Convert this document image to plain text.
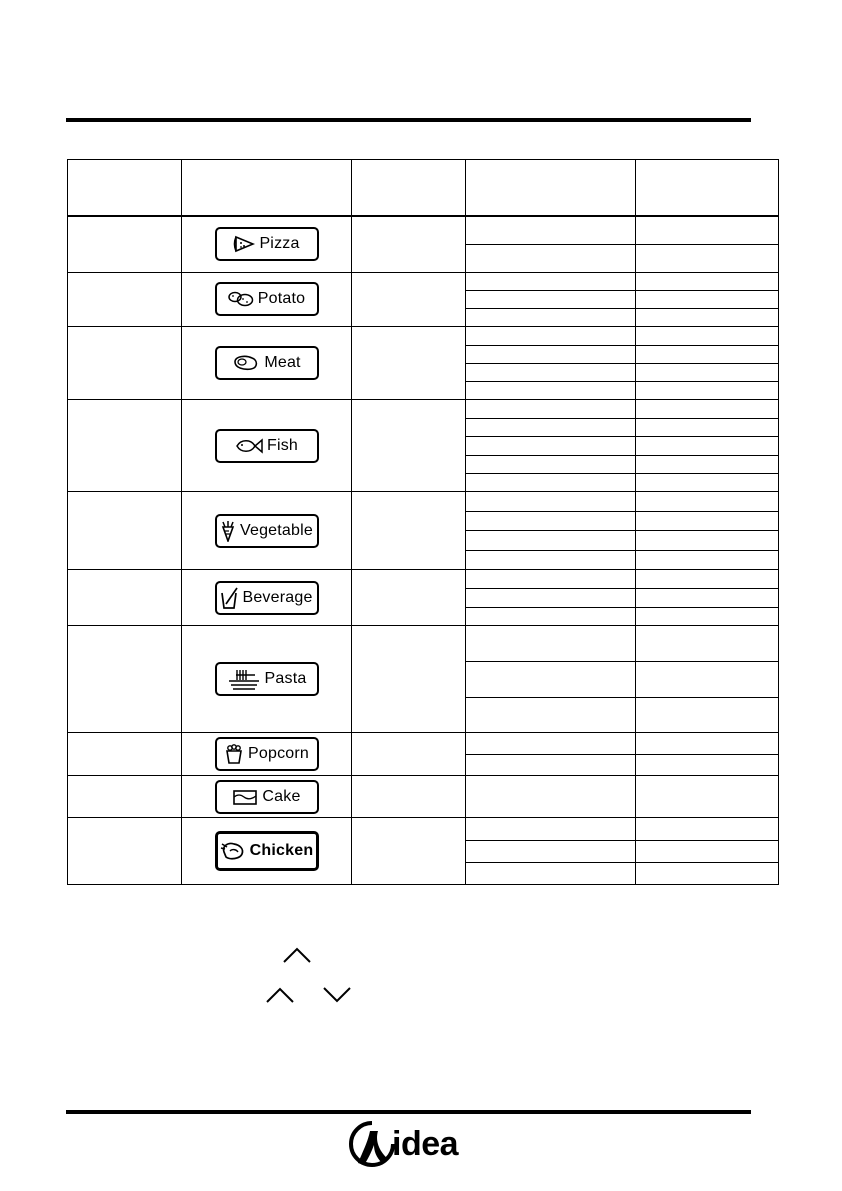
	Pizza			

	Potato			

	Meat			

	Fish			

	Vegetable			

	Beverage			

	Pasta			

	Popcorn			

	Cake			

	Chicken			

idea
